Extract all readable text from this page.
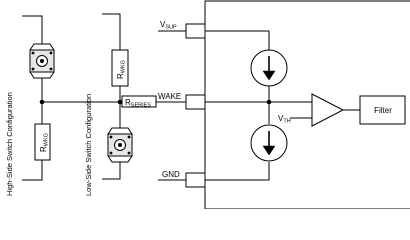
High-Side Switch Configuration	Low-Side Switch Configuration
RWKG
RWKG
RSERIES
VSUP
WAKE
GND
VTH
Filter
